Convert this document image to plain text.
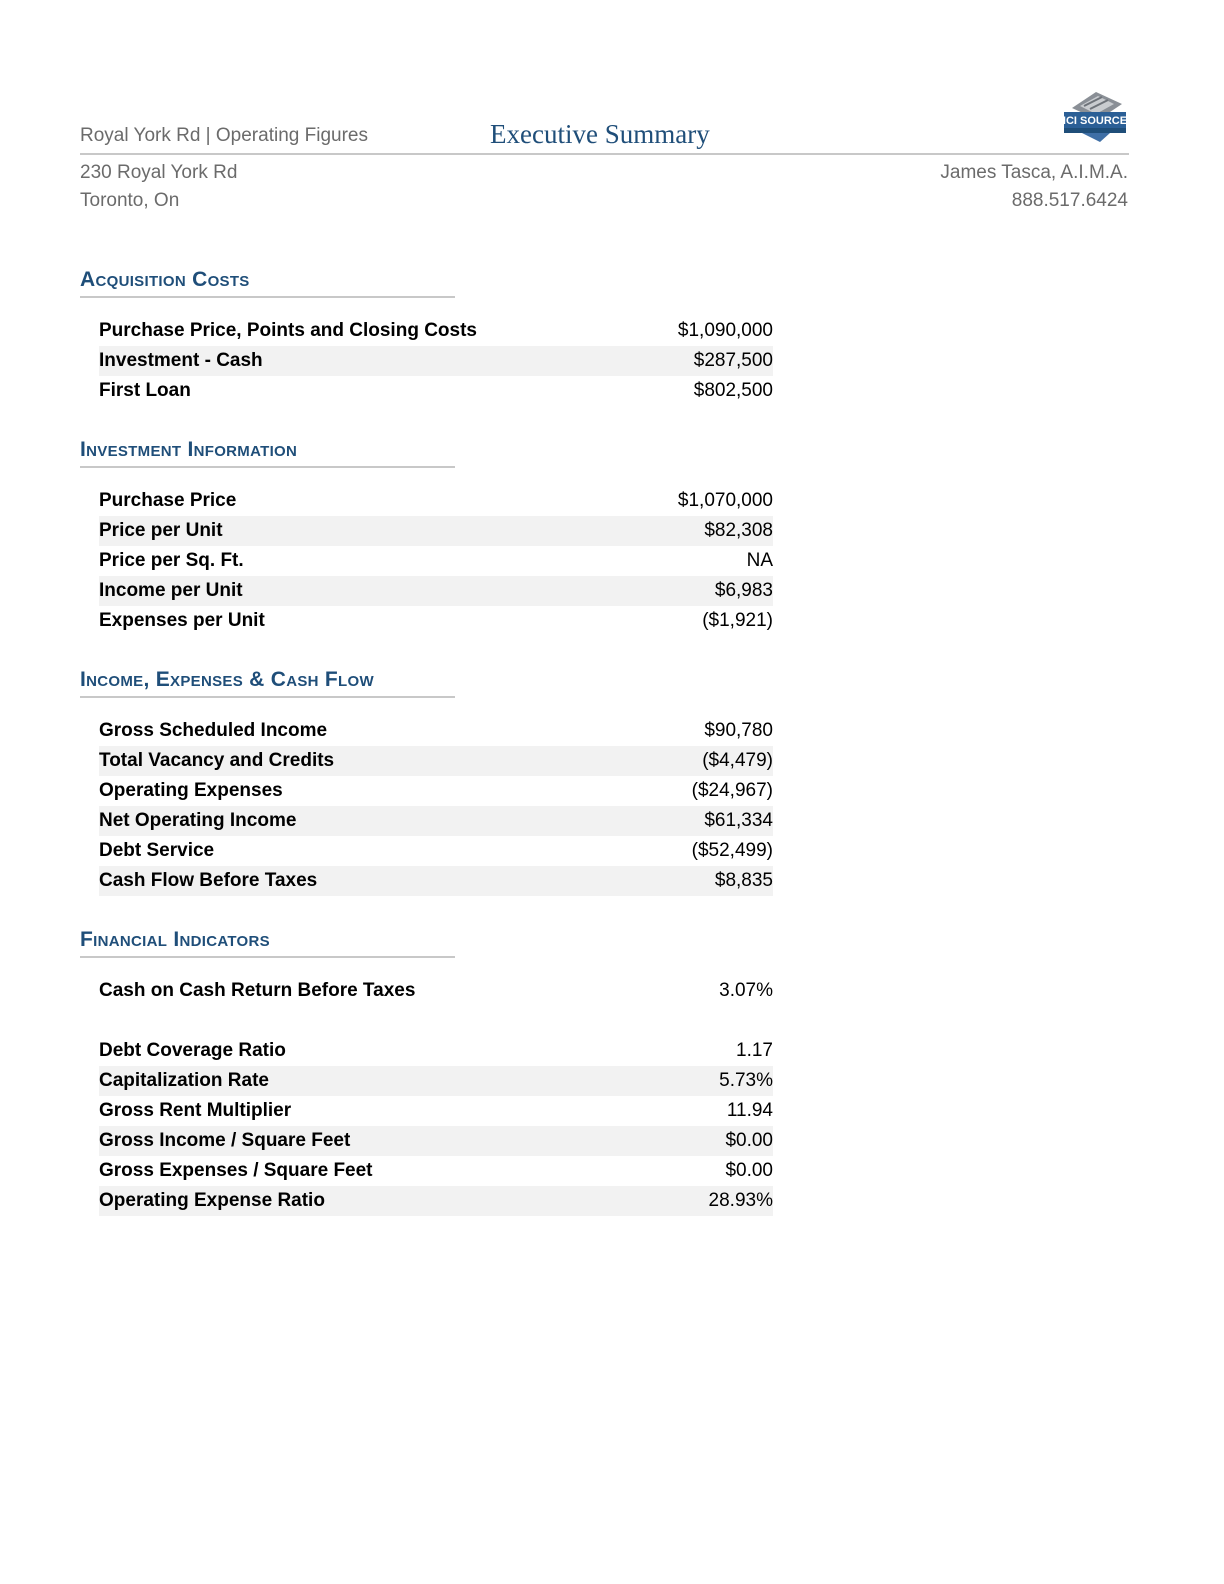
Royal York Rd | Operating Figures	Executive Summary	ICI SOURCE
230 Royal York Rd
Toronto, On
James Tasca, A.I.M.A.
888.517.6424
Acquisition Costs
Purchase Price, Points and Closing Costs	$1,090,000
Investment - Cash	$287,500
First Loan	$802,500
Investment Information
Purchase Price	$1,070,000
Price per Unit	$82,308
Price per Sq. Ft.	NA
Income per Unit	$6,983
Expenses per Unit	($1,921)
Income, Expenses & Cash Flow
Gross Scheduled Income	$90,780
Total Vacancy and Credits	($4,479)
Operating Expenses	($24,967)
Net Operating Income	$61,334
Debt Service	($52,499)
Cash Flow Before Taxes	$8,835
Financial Indicators
Cash on Cash Return Before Taxes	3.07%
Debt Coverage Ratio	1.17
Capitalization Rate	5.73%
Gross Rent Multiplier	11.94
Gross Income / Square Feet	$0.00
Gross Expenses / Square Feet	$0.00
Operating Expense Ratio	28.93%
